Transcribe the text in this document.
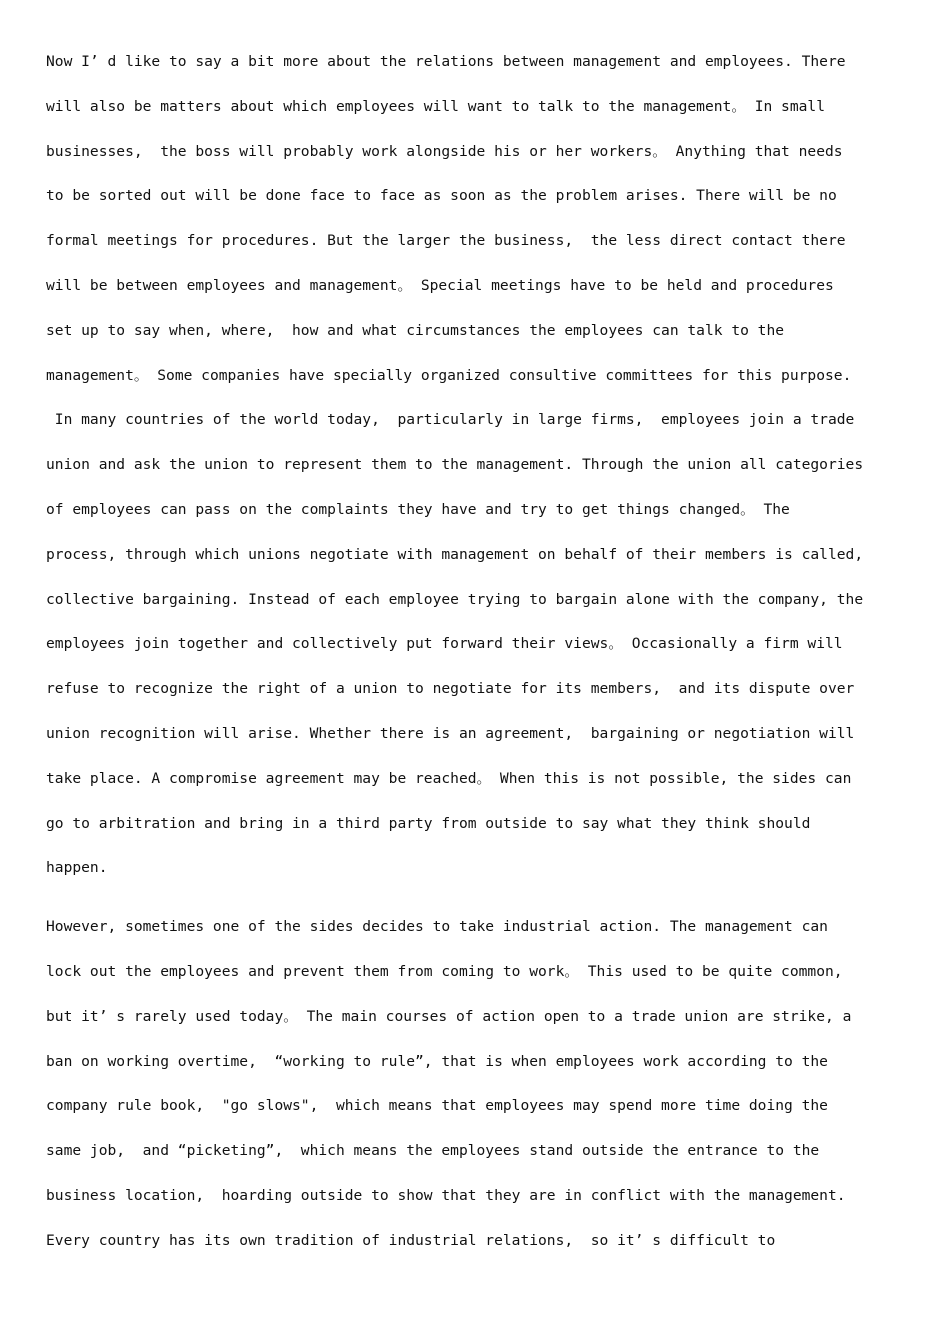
Now I’ d like to say a bit more about the relations between management and employees. There
will also be matters about which employees will want to talk to the management。 In small
businesses,  the boss will probably work alongside his or her workers。 Anything that needs
to be sorted out will be done face to face as soon as the problem arises. There will be no
formal meetings for procedures. But the larger the business,  the less direct contact there
will be between employees and management。 Special meetings have to be held and procedures
set up to say when, where,  how and what circumstances the employees can talk to the
management。 Some companies have specially organized consultive committees for this purpose.
In many countries of the world today,  particularly in large firms,  employees join a trade
union and ask the union to represent them to the management. Through the union all categories
of employees can pass on the complaints they have and try to get things changed。 The
process, through which unions negotiate with management on behalf of their members is called,
collective bargaining. Instead of each employee trying to bargain alone with the company, the
employees join together and collectively put forward their views。 Occasionally a firm will
refuse to recognize the right of a union to negotiate for its members,  and its dispute over
union recognition will arise. Whether there is an agreement,  bargaining or negotiation will
take place. A compromise agreement may be reached。 When this is not possible, the sides can
go to arbitration and bring in a third party from outside to say what they think should
happen.
However, sometimes one of the sides decides to take industrial action. The management can
lock out the employees and prevent them from coming to work。 This used to be quite common,
but it’ s rarely used today。 The main courses of action open to a trade union are strike, a
ban on working overtime,  “working to rule”, that is when employees work according to the
company rule book,  "go slows",  which means that employees may spend more time doing the
same job,  and “picketing”,  which means the employees stand outside the entrance to the
business location,  hoarding outside to show that they are in conflict with the management.
Every country has its own tradition of industrial relations,  so it’ s difficult to
